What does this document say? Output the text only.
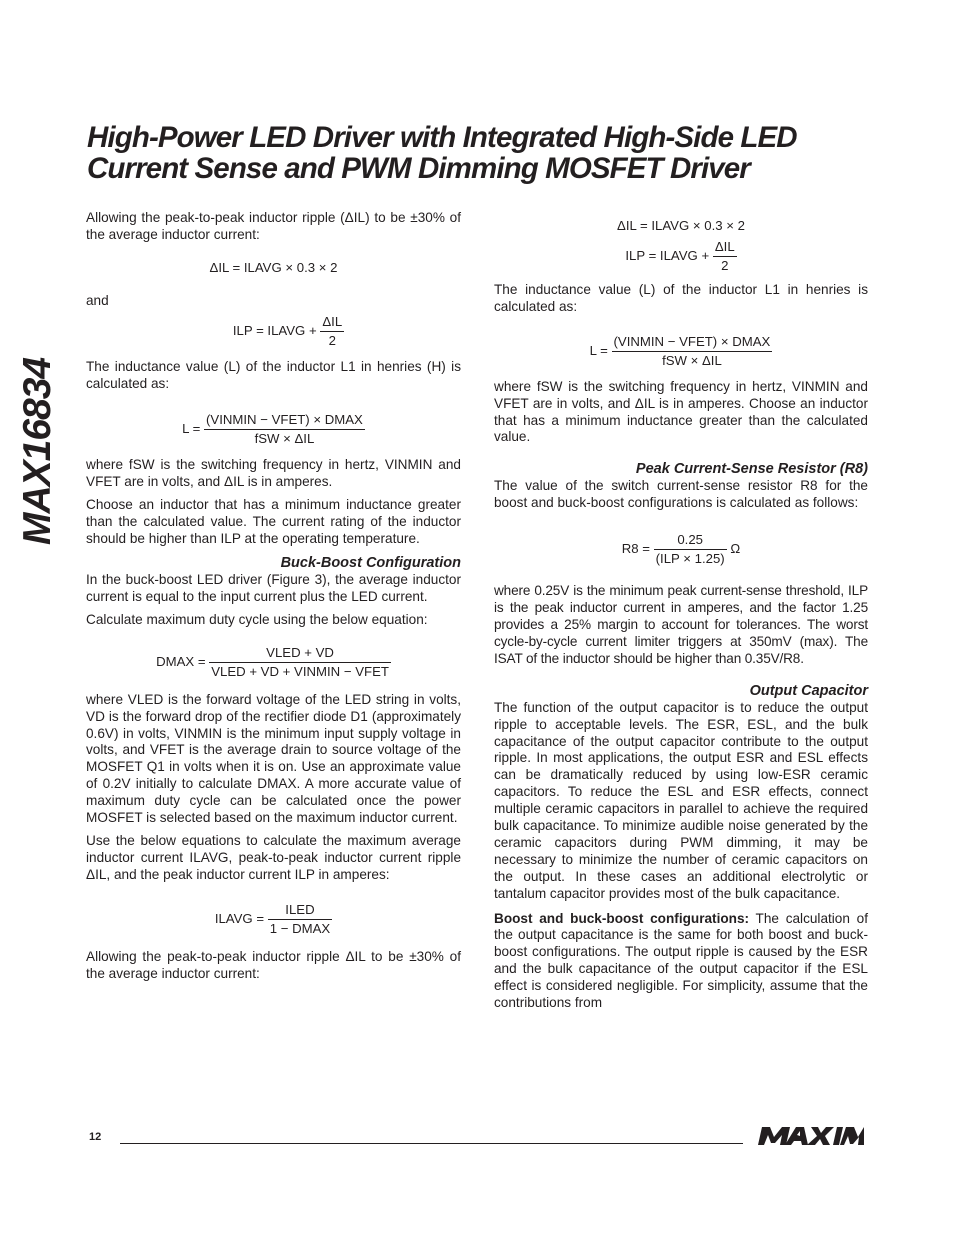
MAX16834
High-Power LED Driver with Integrated High-Side LED
Current Sense and PWM Dimming MOSFET Driver

Allowing the peak-to-peak inductor ripple (ΔIL) to be ±30% of the average inductor current:

ΔIL = ILAVG × 0.3 × 2

and

ILP = ILAVG + $\frac{\text{ΔIL}}{2}$

The inductance value (L) of the inductor L1 in henries (H) is calculated as:

$L = \frac{\text{(VINMIN − VFET) × DMAX}}{\text{fSW × ΔIL}}$

where fSW is the switching frequency in hertz, VINMIN and VFET are in volts, and ΔIL is in amperes.

Choose an inductor that has a minimum inductance greater than the calculated value. The current rating of the inductor should be higher than ILP at the operating temperature.

Buck-Boost Configuration

In the buck-boost LED driver (Figure 3), the average inductor current is equal to the input current plus the LED current.

Calculate maximum duty cycle using the below equation:

DMAX = $\frac{\text{VLED + VD}}{\text{VLED + VD + VINMIN − VFET}}$

where VLED is the forward voltage of the LED string in volts, VD is the forward drop of the rectifier diode D1 (approximately 0.6V) in volts, VINMIN is the minimum input supply voltage in volts, and VFET is the average drain to source voltage of the MOSFET Q1 in volts when it is on. Use an approximate value of 0.2V initially to calculate DMAX. A more accurate value of maximum duty cycle can be calculated once the power MOSFET is selected based on the maximum inductor current.

Use the below equations to calculate the maximum average inductor current ILAVG, peak-to-peak inductor current ripple ΔIL, and the peak inductor current ILP in amperes:

ILAVG = $\frac{\text{ILED}}{\text{1 − DMAX}}$

Allowing the peak-to-peak inductor ripple ΔIL to be ±30% of the average inductor current:

ΔIL = ILAVG × 0.3 × 2
ILP = ILAVG + $\frac{\text{ΔIL}}{2}$

The inductance value (L) of the inductor L1 in henries is calculated as:

$L = \frac{\text{(VINMIN − VFET) × DMAX}}{\text{fSW × ΔIL}}$

where fSW is the switching frequency in hertz, VINMIN and VFET are in volts, and ΔIL is in amperes. Choose an inductor that has a minimum inductance greater than the calculated value.

Peak Current-Sense Resistor (R8)

The value of the switch current-sense resistor R8 for the boost and buck-boost configurations is calculated as follows:

$R8 = \frac{0.25}{\text{(ILP × 1.25)}}$ Ω

where 0.25V is the minimum peak current-sense threshold, ILP is the peak inductor current in amperes, and the factor 1.25 provides a 25% margin to account for tolerances. The worst cycle-by-cycle current limiter triggers at 350mV (max). The ISAT of the inductor should be higher than 0.35V/R8.

Output Capacitor

The function of the output capacitor is to reduce the output ripple to acceptable levels. The ESR, ESL, and the bulk capacitance of the output capacitor contribute to the output ripple. In most applications, the output ESR and ESL effects can be dramatically reduced by using low-ESR ceramic capacitors. To reduce the ESL and ESR effects, connect multiple ceramic capacitors in parallel to achieve the required bulk capacitance. To minimize audible noise generated by the ceramic capacitors during PWM dimming, it may be necessary to minimize the number of ceramic capacitors on the output. In these cases an additional electrolytic or tantalum capacitor provides most of the bulk capacitance.

Boost and buck-boost configurations: The calculation of the output capacitance is the same for both boost and buck-boost configurations. The output ripple is caused by the ESR and the bulk capacitance of the output capacitor if the ESL effect is considered negligible. For simplicity, assume that the contributions from

12
